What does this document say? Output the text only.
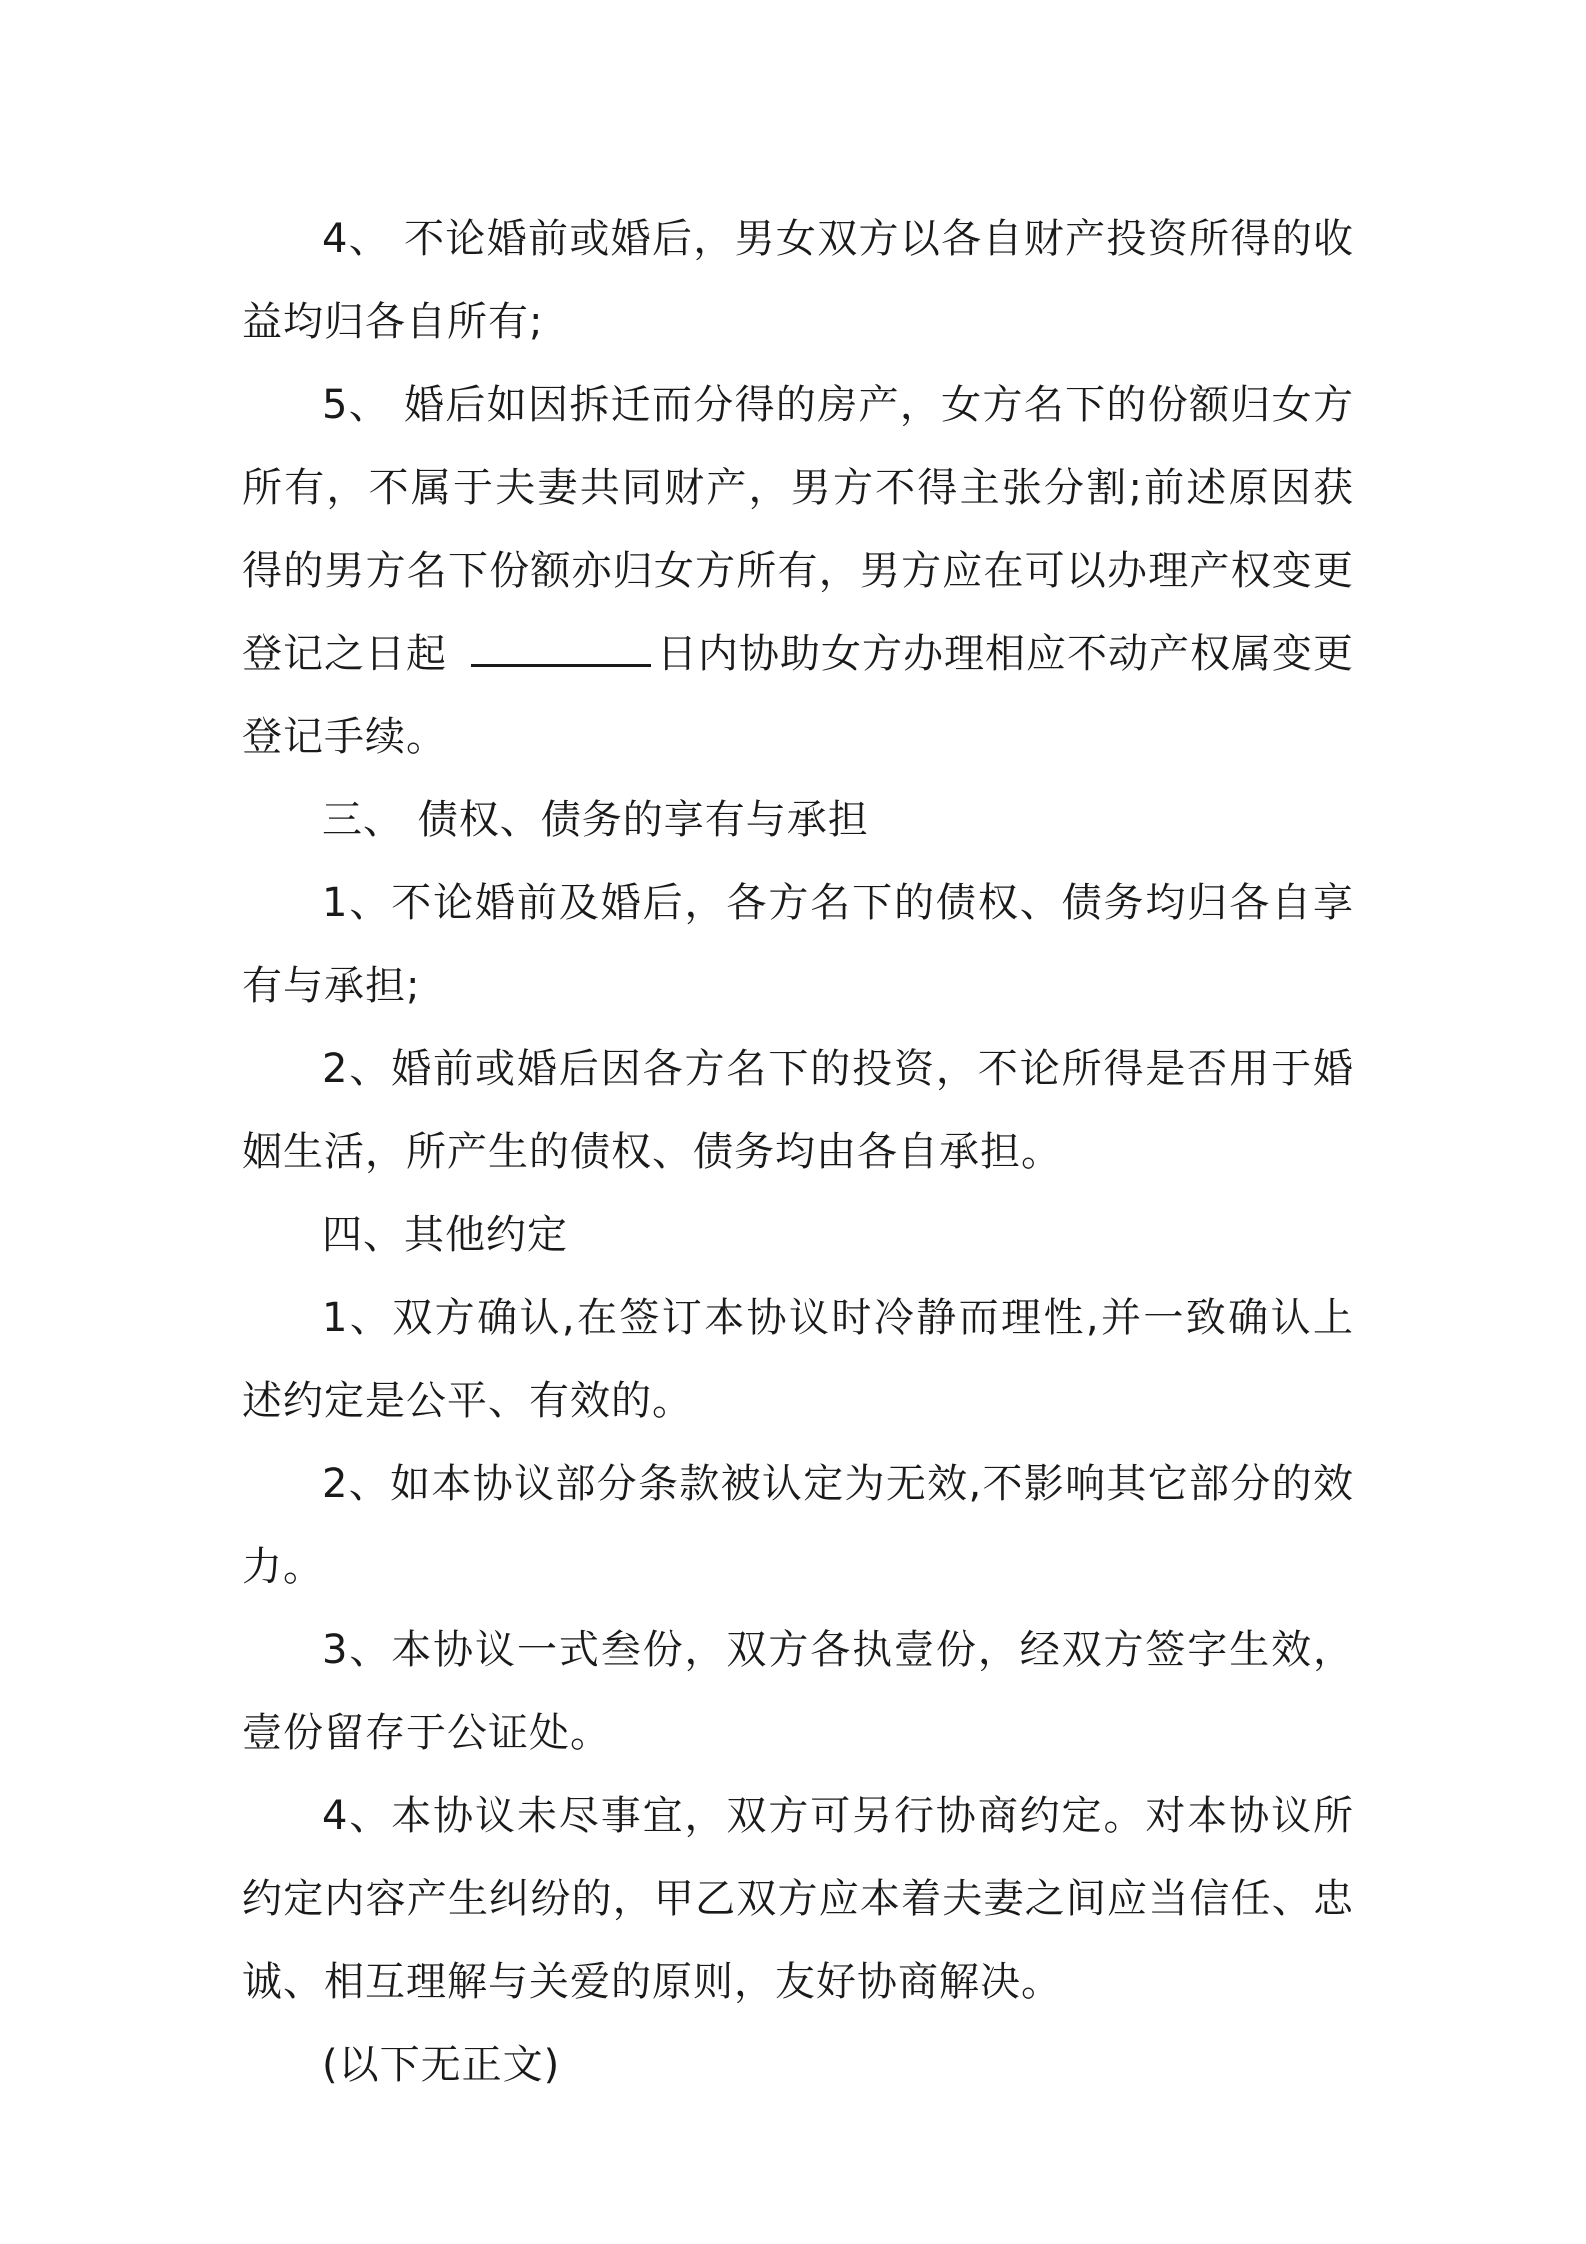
4、 不论婚前或婚后，男女双方以各自财产投资所得的收益均归各自所有;

5、 婚后如因拆迁而分得的房产，女方名下的份额归女方所有，不属于夫妻共同财产，男方不得主张分割;前述原因获得的男方名下份额亦归女方所有，男方应在可以办理产权变更登记之日起	日内协助女方办理相应不动产权属变更登记手续。

三、 债权、债务的享有与承担

1、不论婚前及婚后，各方名下的债权、债务均归各自享有与承担;

2、婚前或婚后因各方名下的投资，不论所得是否用于婚姻生活，所产生的债权、债务均由各自承担。

四、其他约定

1、双方确认,在签订本协议时冷静而理性,并一致确认上述约定是公平、有效的。

2、如本协议部分条款被认定为无效,不影响其它部分的效力。

3、本协议一式叁份，双方各执壹份，经双方签字生效，壹份留存于公证处。

4、本协议未尽事宜，双方可另行协商约定。对本协议所约定内容产生纠纷的，甲乙双方应本着夫妻之间应当信任、忠诚、相互理解与关爱的原则，友好协商解决。

(以下无正文)
